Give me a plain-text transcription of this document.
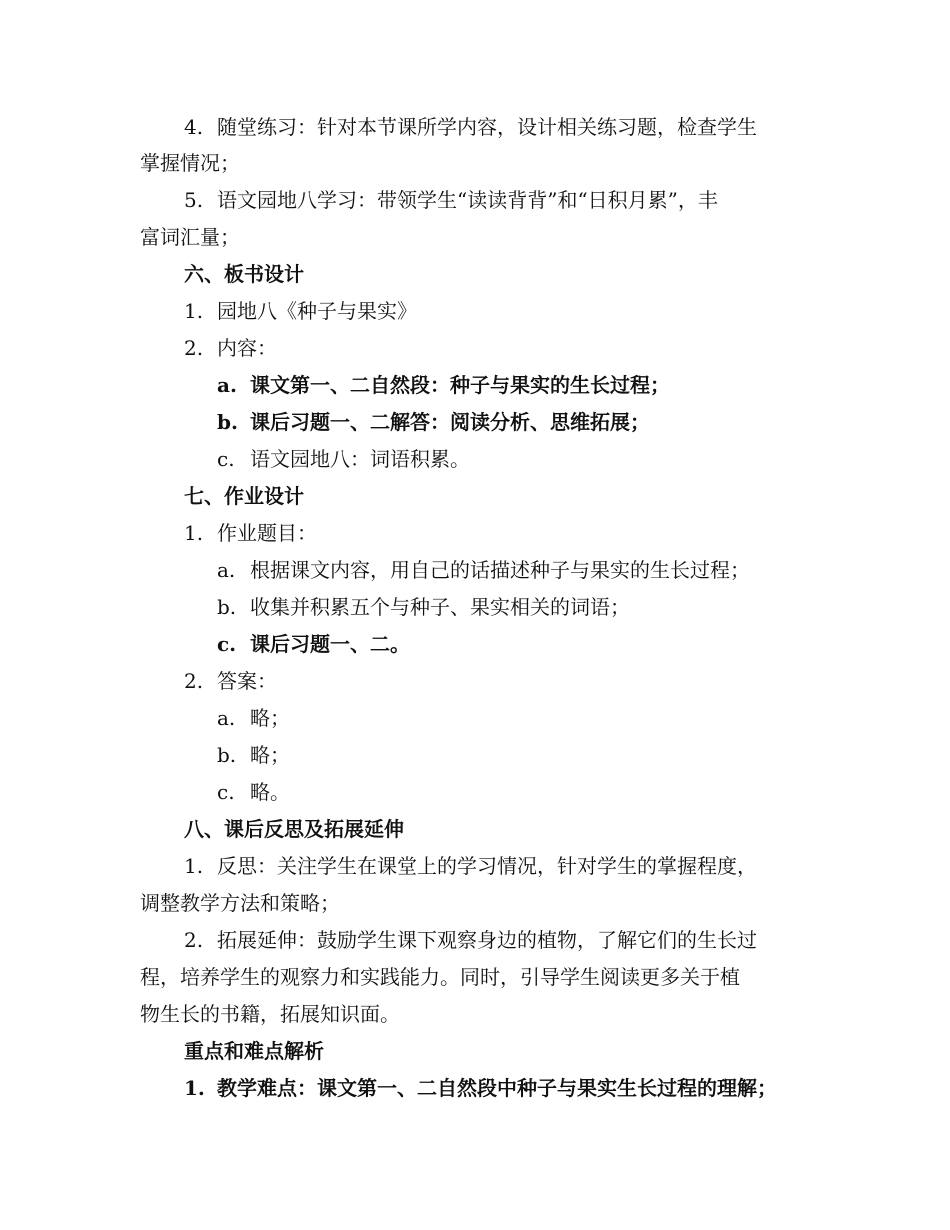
4. 随堂练习：针对本节课所学内容，设计相关练习题，检查学生

掌握情况；

5. 语文园地八学习：带领学生“读读背背”和“日积月累”，丰

富词汇量；

六、板书设计

1. 园地八《种子与果实》

2. 内容：

a. 课文第一、二自然段：种子与果实的生长过程；

b. 课后习题一、二解答：阅读分析、思维拓展；

c. 语文园地八：词语积累。

七、作业设计

1. 作业题目：

a. 根据课文内容，用自己的话描述种子与果实的生长过程；

b. 收集并积累五个与种子、果实相关的词语；

c. 课后习题一、二。

2. 答案：

a. 略；

b. 略；

c. 略。

八、课后反思及拓展延伸

1. 反思：关注学生在课堂上的学习情况，针对学生的掌握程度，

调整教学方法和策略；

2. 拓展延伸：鼓励学生课下观察身边的植物，了解它们的生长过

程，培养学生的观察力和实践能力。同时，引导学生阅读更多关于植

物生长的书籍，拓展知识面。

重点和难点解析

1. 教学难点：课文第一、二自然段中种子与果实生长过程的理解；
